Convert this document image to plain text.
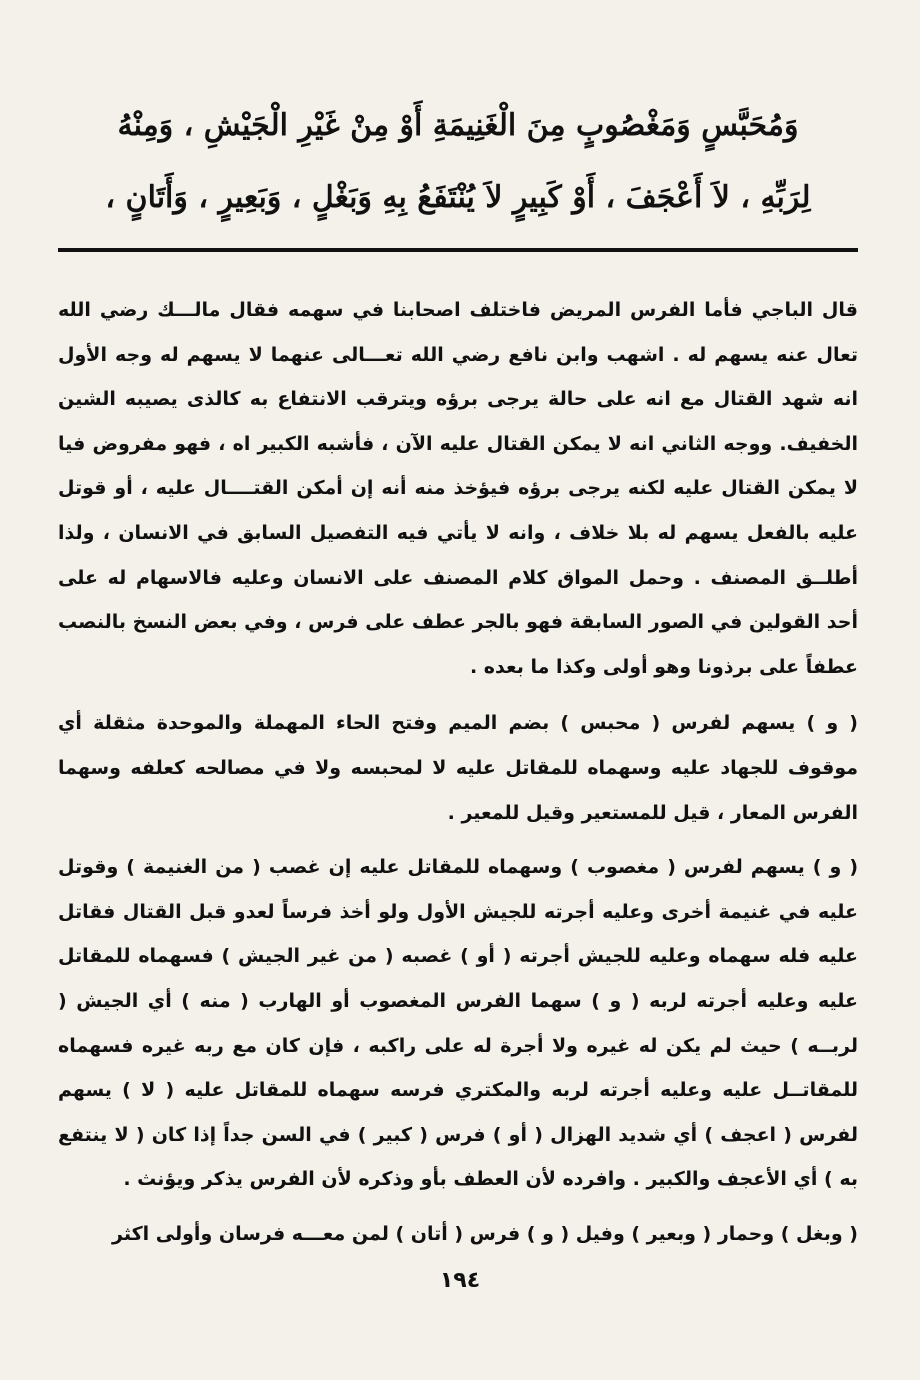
وَمُحَبَّسٍ وَمَغْصُوبٍ مِنَ الْغَنِيمَةِ أَوْ مِنْ غَيْرِ الْجَيْشِ ، وَمِنْهُ
لِرَبِّهِ ، لاَ أَعْجَفَ ، أَوْ كَبِيرٍ لاَ يُنْتَفَعُ بِهِ وَبَغْلٍ ، وَبَعِيرٍ ، وَأَتَانٍ ،

قال الباجي فأما الفرس المريض فاختلف اصحابنا في سهمه فقال مالـــك رضي الله تعال عنه يسهم له . اشهب وابن نافع رضي الله تعـــالى عنهما لا يسهم له وجه الأول انه شهد القتال مع انه على حالة يرجى برؤه ويترقب الانتفاع به كالذى يصيبه الشين الخفيف. ووجه الثاني انه لا يمكن القتال عليه الآن ، فأشبه الكبير اه ، فهو مفروض فيا لا يمكن القتال عليه لكنه يرجى برؤه فيؤخذ منه أنه إن أمكن القتــــال عليه ، أو قوتل عليه بالفعل يسهم له بلا خلاف ، وانه لا يأتي فيه التفصيل السابق في الانسان ، ولذا أطلــق المصنف . وحمل المواق كلام المصنف على الانسان وعليه فالاسهام له على أحد القولين في الصور السابقة فهو بالجر عطف على فرس ، وفي بعض النسخ بالنصب عطفاً على برذونا وهو أولى وكذا ما بعده .

( و ) يسهم لفرس ( محبس ) بضم الميم وفتح الحاء المهملة والموحدة مثقلة أي موقوف للجهاد عليه وسهماه للمقاتل عليه لا لمحبسه ولا في مصالحه كعلفه وسهما الفرس المعار ، قيل للمستعير وقيل للمعير .

( و ) يسهم لفرس ( مغصوب ) وسهماه للمقاتل عليه إن غصب ( من الغنيمة ) وقوتل عليه في غنيمة أخرى وعليه أجرته للجيش الأول ولو أخذ فرساً لعدو قبل القتال فقاتل عليه فله سهماه وعليه للجيش أجرته ( أو ) غصبه ( من غير الجيش ) فسهماه للمقاتل عليه وعليه أجرته لربه ( و ) سهما الفرس المغصوب أو الهارب ( منه ) أي الجيش ( لربــه ) حيث لم يكن له غيره ولا أجرة له على راكبه ، فإن كان مع ربه غيره فسهماه للمقاتــل عليه وعليه أجرته لربه والمكتري فرسه سهماه للمقاتل عليه ( لا ) يسهم لفرس ( اعجف ) أي شديد الهزال ( أو ) فرس ( كبير ) في السن جداً إذا كان ( لا ينتفع به ) أي الأعجف والكبير . وافرده لأن العطف بأو وذكره لأن الفرس يذكر ويؤنث .

( وبغل ) وحمار ( وبعير ) وفيل ( و ) فرس ( أتان ) لمن معـــه فرسان وأولى اكثر

١٩٤
